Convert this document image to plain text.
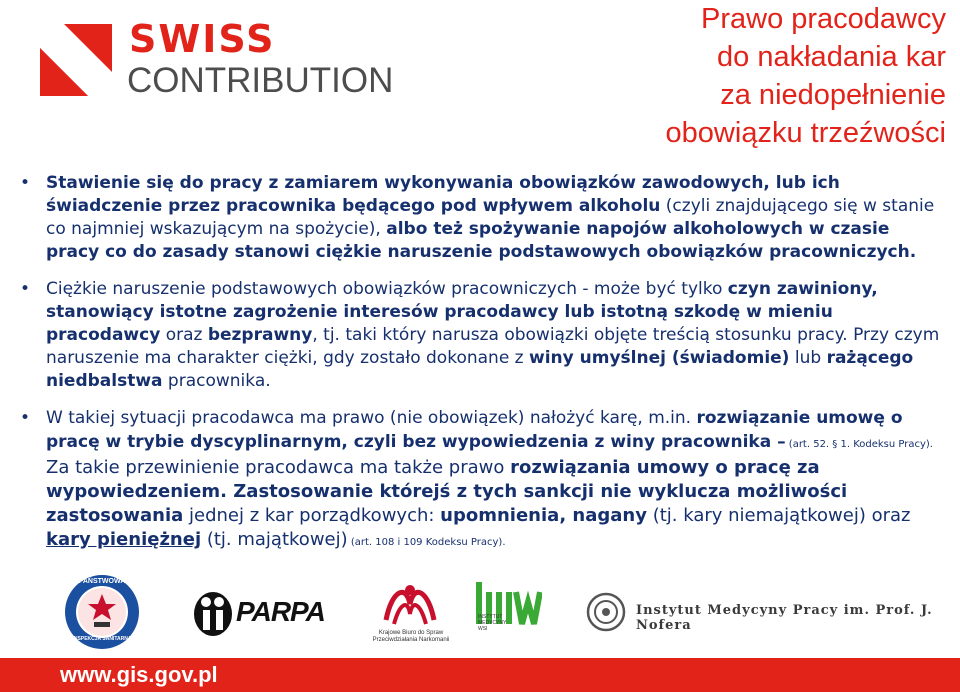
SWISS
CONTRIBUTION
Prawo pracodawcy
do nakładania kar
za niedopełnienie
obowiązku trzeźwości
• Stawienie się do pracy z zamiarem wykonywania obowiązków zawodowych, lub ich świadczenie przez pracownika będącego pod wpływem alkoholu (czyli znajdującego się w stanie co najmniej wskazującym na spożycie), albo też spożywanie napojów alkoholowych w czasie pracy co do zasady stanowi ciężkie naruszenie podstawowych obowiązków pracowniczych.
• Ciężkie naruszenie podstawowych obowiązków pracowniczych - może być tylko czyn zawiniony, stanowiący istotne zagrożenie interesów pracodawcy lub istotną szkodę w mieniu pracodawcy oraz bezprawny, tj. taki który narusza obowiązki objęte treścią stosunku pracy. Przy czym naruszenie ma charakter ciężki, gdy zostało dokonane z winy umyślnej (świadomie) lub rażącego niedbalstwa pracownika.
• W takiej sytuacji pracodawca ma prawo (nie obowiązek) nałożyć karę, m.in. rozwiązanie umowę o pracę w trybie dyscyplinarnym, czyli bez wypowiedzenia z winy pracownika – (art. 52. § 1. Kodeksu Pracy). Za takie przewinienie pracodawca ma także prawo rozwiązania umowy o pracę za wypowiedzeniem. Zastosowanie którejś z tych sankcji nie wyklucza możliwości zastosowania jednej z kar porządkowych: upomnienia, nagany (tj. kary niemajątkowej) oraz kary pieniężnej (tj. majątkowej) (art. 108 i 109 Kodeksu Pracy).
PAŃSTWOWA
INSPEKCJA SANITARNA
PARPA
Krajowe Biuro do Spraw Przeciwdziałania Narkomanii
INSTYTUT MEDYCYNY WSI
Instytut Medycyny Pracy im. Prof. J. Nofera
www.gis.gov.pl
